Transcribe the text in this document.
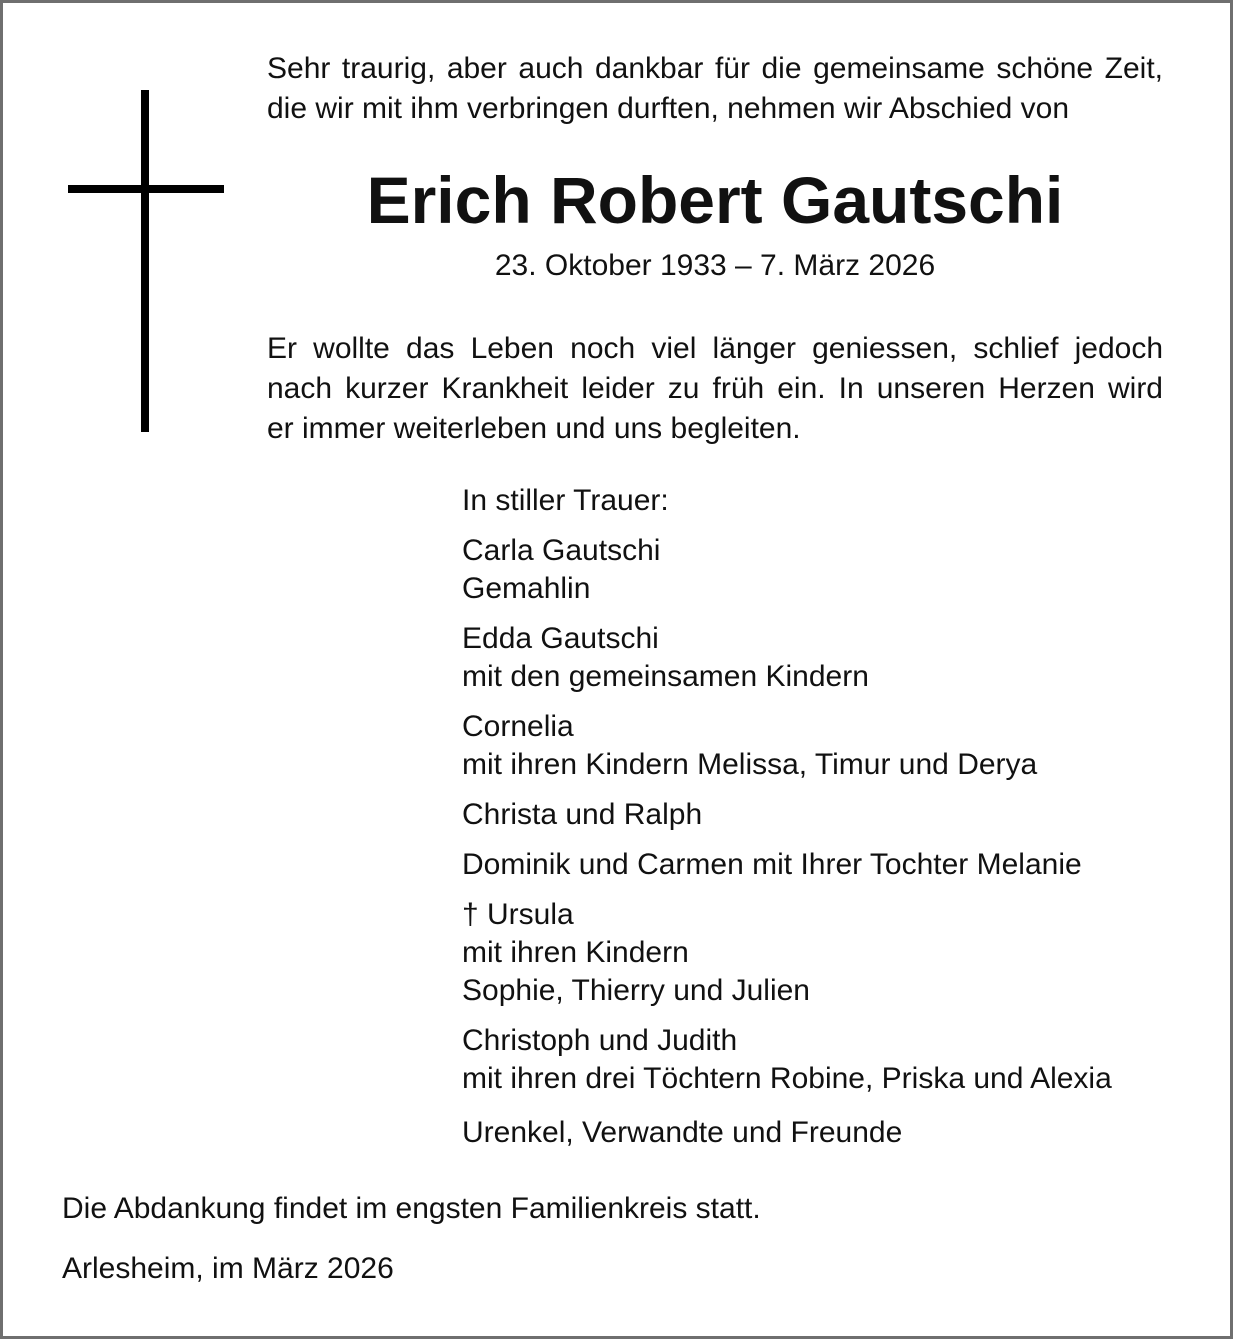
Sehr traurig, aber auch dankbar für die gemeinsame schöne Zeit,
die wir mit ihm verbringen durften, nehmen wir Abschied von
Erich Robert Gautschi
23. Oktober 1933 – 7. März 2026
Er wollte das Leben noch viel länger geniessen, schlief jedoch
nach kurzer Krankheit leider zu früh ein. In unseren Herzen wird
er immer weiterleben und uns begleiten.
In stiller Trauer:
Carla Gautschi
Gemahlin
Edda Gautschi
mit den gemeinsamen Kindern
Cornelia
mit ihren Kindern Melissa, Timur und Derya
Christa und Ralph
Dominik und Carmen mit Ihrer Tochter Melanie
† Ursula
mit ihren Kindern
Sophie, Thierry und Julien
Christoph und Judith
mit ihren drei Töchtern Robine, Priska und Alexia
Urenkel, Verwandte und Freunde
Die Abdankung findet im engsten Familienkreis statt.
Arlesheim, im März 2026
